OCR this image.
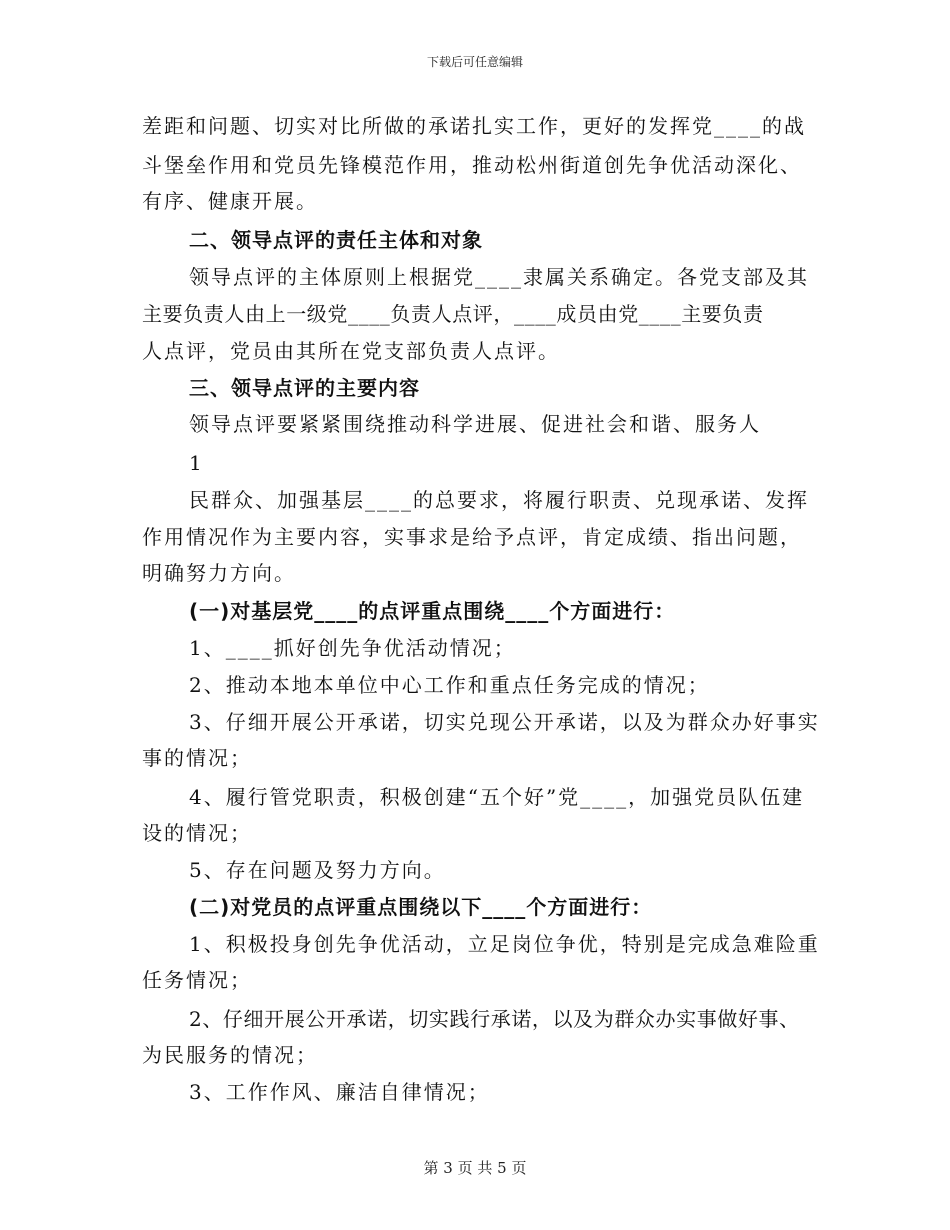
下载后可任意编辑
差距和问题、切实对比所做的承诺扎实工作，更好的发挥党____的战
斗堡垒作用和党员先锋模范作用，推动松州街道创先争优活动深化、
有序、健康开展。
二、领导点评的责任主体和对象
领导点评的主体原则上根据党____隶属关系确定。各党支部及其
主要负责人由上一级党____负责人点评，____成员由党____主要负责
人点评，党员由其所在党支部负责人点评。
三、领导点评的主要内容
领导点评要紧紧围绕推动科学进展、促进社会和谐、服务人
1
民群众、加强基层____的总要求，将履行职责、兑现承诺、发挥
作用情况作为主要内容，实事求是给予点评，肯定成绩、指出问题，
明确努力方向。
(一)对基层党____的点评重点围绕____个方面进行：
1、____抓好创先争优活动情况；
2、推动本地本单位中心工作和重点任务完成的情况；
3、仔细开展公开承诺，切实兑现公开承诺，以及为群众办好事实
事的情况；
4、履行管党职责，积极创建“五个好”党____，加强党员队伍建
设的情况；
5、存在问题及努力方向。
(二)对党员的点评重点围绕以下____个方面进行：
1、积极投身创先争优活动，立足岗位争优，特别是完成急难险重
任务情况；
2、仔细开展公开承诺，切实践行承诺，以及为群众办实事做好事、
为民服务的情况；
3、工作作风、廉洁自律情况；
第 3 页 共 5 页
